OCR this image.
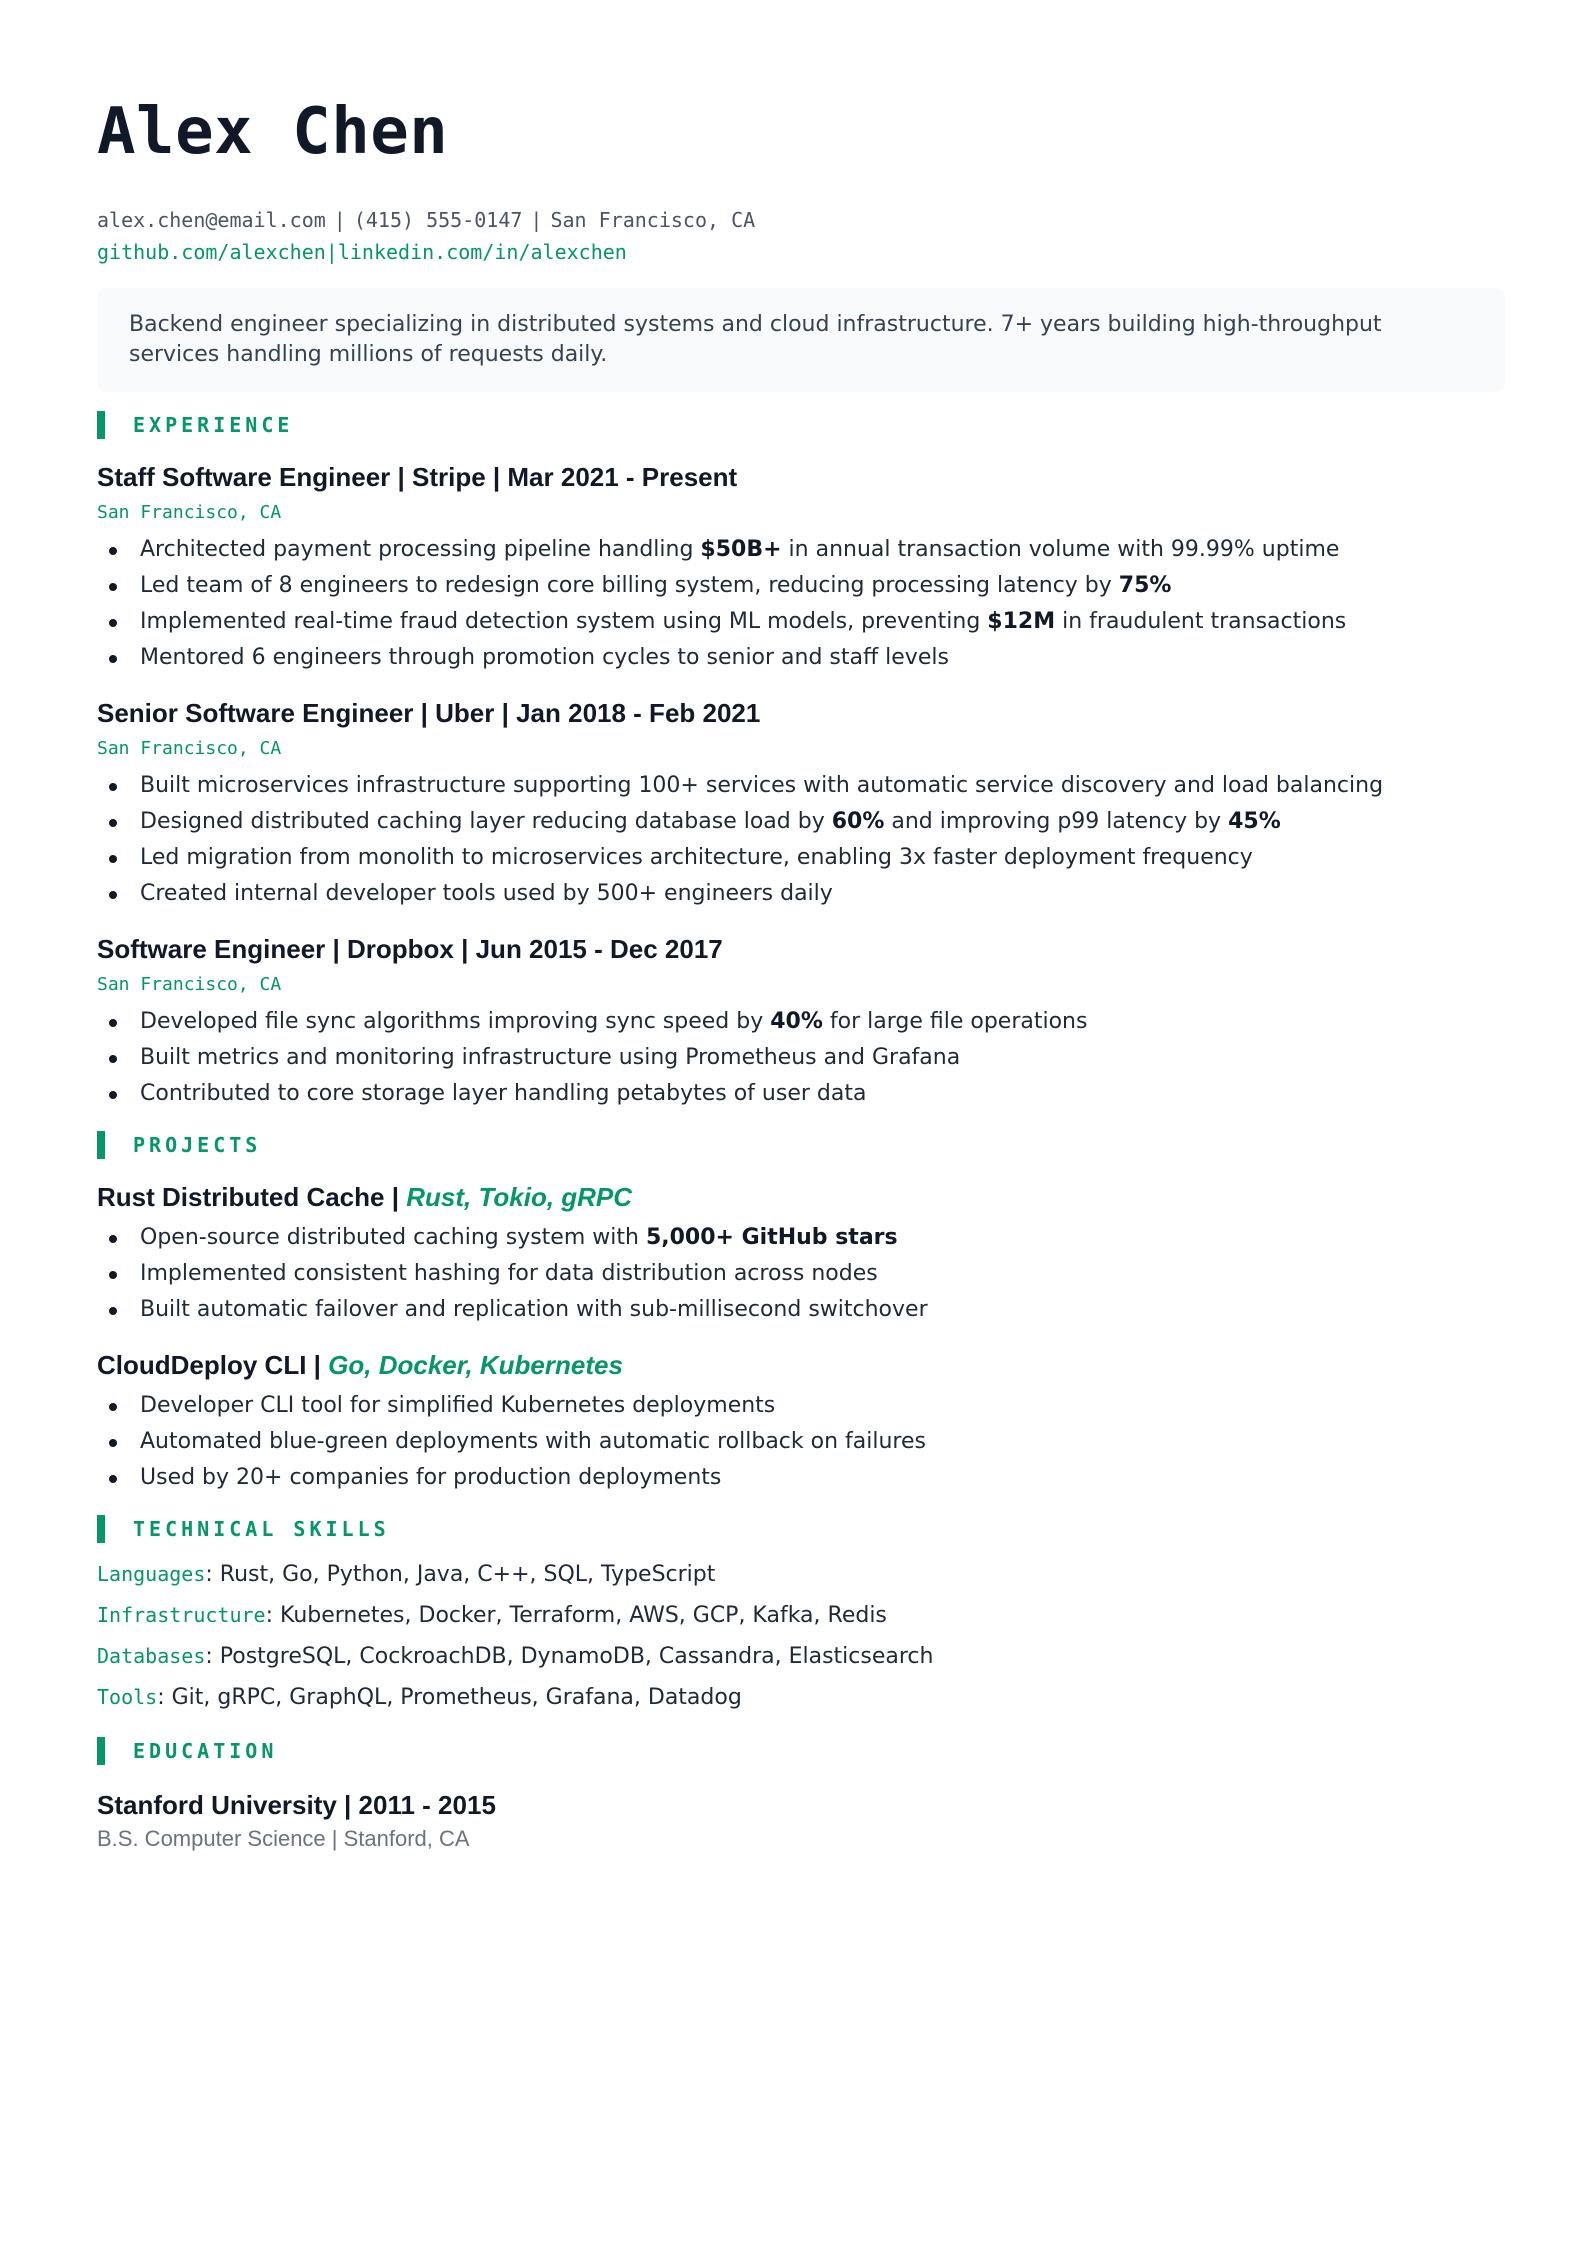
Alex Chen
alex.chen@email.com | (415) 555-0147 | San Francisco, CA
github.com/alexchen|linkedin.com/in/alexchen
Backend engineer specializing in distributed systems and cloud infrastructure. 7+ years building high-throughput services handling millions of requests daily.
EXPERIENCE
Staff Software Engineer | Stripe | Mar 2021 - Present
San Francisco, CA
Architected payment processing pipeline handling $50B+ in annual transaction volume with 99.99% uptime
Led team of 8 engineers to redesign core billing system, reducing processing latency by 75%
Implemented real-time fraud detection system using ML models, preventing $12M in fraudulent transactions
Mentored 6 engineers through promotion cycles to senior and staff levels
Senior Software Engineer | Uber | Jan 2018 - Feb 2021
San Francisco, CA
Built microservices infrastructure supporting 100+ services with automatic service discovery and load balancing
Designed distributed caching layer reducing database load by 60% and improving p99 latency by 45%
Led migration from monolith to microservices architecture, enabling 3x faster deployment frequency
Created internal developer tools used by 500+ engineers daily
Software Engineer | Dropbox | Jun 2015 - Dec 2017
San Francisco, CA
Developed file sync algorithms improving sync speed by 40% for large file operations
Built metrics and monitoring infrastructure using Prometheus and Grafana
Contributed to core storage layer handling petabytes of user data
PROJECTS
Rust Distributed Cache | Rust, Tokio, gRPC
Open-source distributed caching system with 5,000+ GitHub stars
Implemented consistent hashing for data distribution across nodes
Built automatic failover and replication with sub-millisecond switchover
CloudDeploy CLI | Go, Docker, Kubernetes
Developer CLI tool for simplified Kubernetes deployments
Automated blue-green deployments with automatic rollback on failures
Used by 20+ companies for production deployments
TECHNICAL SKILLS
Languages: Rust, Go, Python, Java, C++, SQL, TypeScript
Infrastructure: Kubernetes, Docker, Terraform, AWS, GCP, Kafka, Redis
Databases: PostgreSQL, CockroachDB, DynamoDB, Cassandra, Elasticsearch
Tools: Git, gRPC, GraphQL, Prometheus, Grafana, Datadog
EDUCATION
Stanford University | 2011 - 2015
B.S. Computer Science | Stanford, CA
